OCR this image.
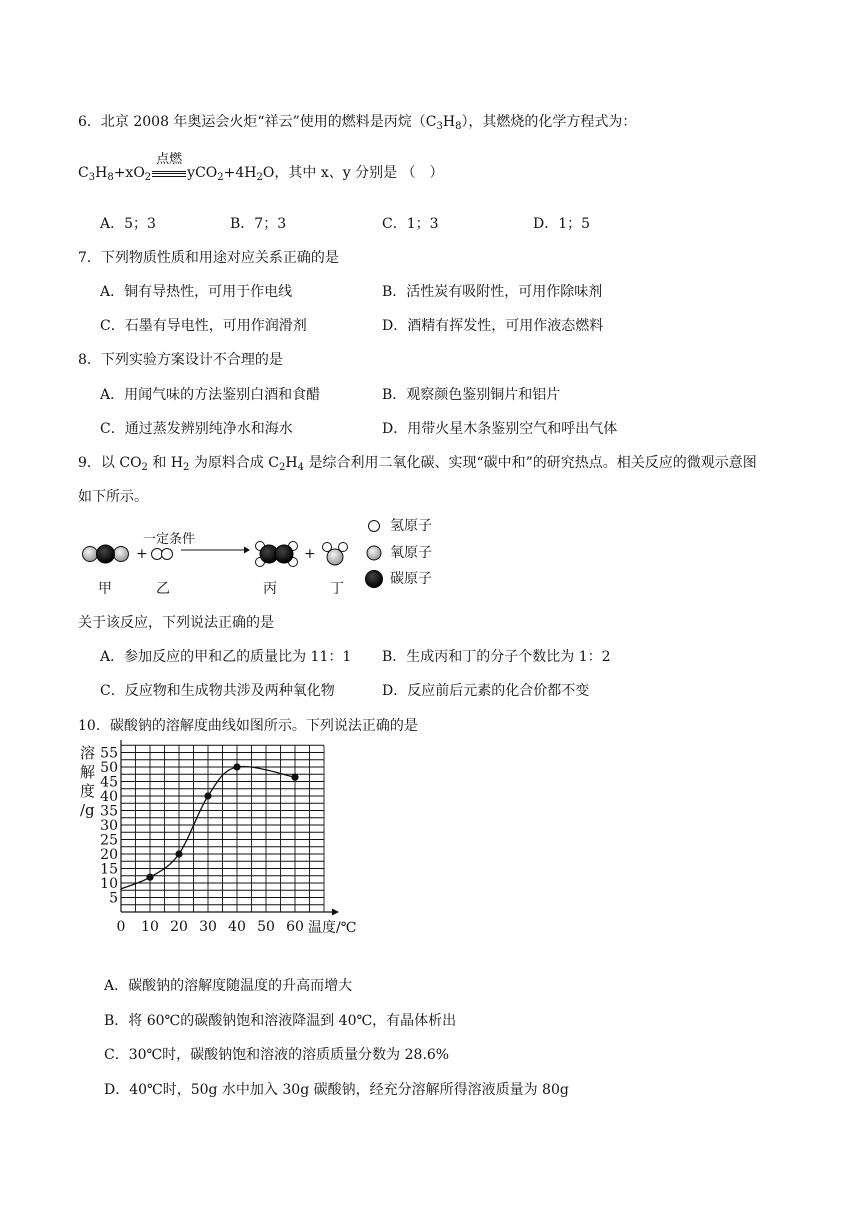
6．北京 2008 年奥运会火炬“祥云”使用的燃料是丙烷$(C_3H_8)$，其燃烧的化学方程式为：
$C_3H_8+xO_2$
点燃
$yCO_2+4H_2O$，其中 x、y 分别是 （　）
A．5；3	B．7；3	C．1；3	D．1；5
7．下列物质性质和用途对应关系正确的是
A．铜有导热性，可用于作电线	B．活性炭有吸附性，可用作除味剂
C．石墨有导电性，可用作润滑剂	D．酒精有挥发性，可用作液态燃料
8．下列实验方案设计不合理的是
A．用闻气味的方法鉴别白酒和食醋	B．观察颜色鉴别铜片和铝片
C．通过蒸发辨别纯净水和海水	D．用带火星木条鉴别空气和呼出气体
9．以 $CO_2$ 和 $H_2$ 为原料合成 $C_2H_4$ 是综合利用二氧化碳、实现“碳中和”的研究热点。相关反应的微观示意图
如下所示。
一定条件
+	+
甲	乙	丙	丁
氢原子
氧原子
碳原子
关于该反应，下列说法正确的是
A．参加反应的甲和乙的质量比为 11：1 B．生成丙和丁的分子个数比为 1：2
C．反应物和生成物共涉及两种氧化物	D．反应前后元素的化合价都不变
10．碳酸钠的溶解度曲线如图所示。下列说法正确的是
0 10 20 30 40 50 60
5
10
15
20
25
30
35
40
45
50
55
溶
解
度
/g
温度/℃
A．碳酸钠的溶解度随温度的升高而增大
B．将 60℃的碳酸钠饱和溶液降温到 40℃，有晶体析出
C．30℃时，碳酸钠饱和溶液的溶质质量分数为 28.6%
D．40℃时，50g 水中加入 30g 碳酸钠，经充分溶解所得溶液质量为 80g
